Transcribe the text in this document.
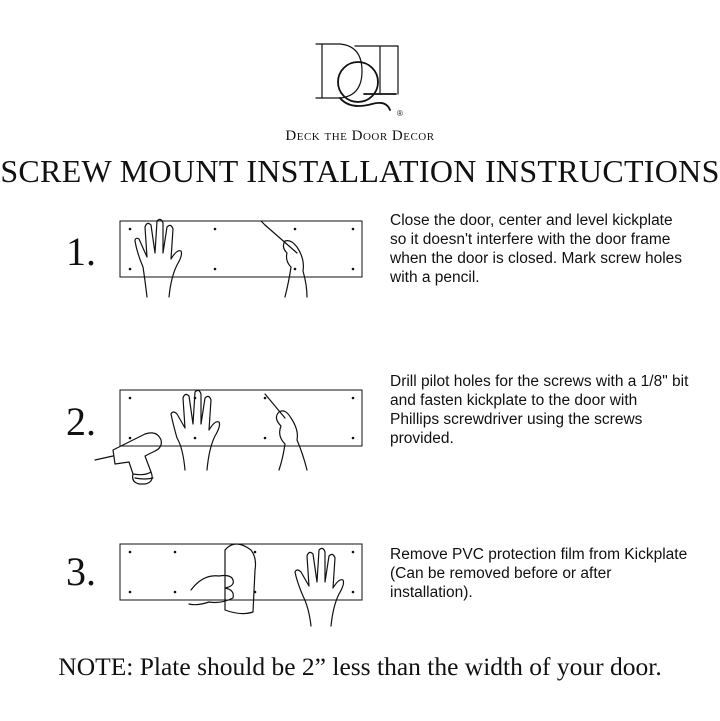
®
Deck the Door Decor
SCREW MOUNT INSTALLATION INSTRUCTIONS
1.
Close the door, center and level kickplate so it doesn't interfere with the door frame when the door is closed. Mark screw holes with a pencil.
2.
Drill pilot holes for the screws with a 1/8" bit and fasten kickplate to the door with Phillips screwdriver using the screws provided.
3.	Remove PVC protection film from Kickplate (Can be removed before or after installation).
NOTE: Plate should be 2” less than the width of your door.
